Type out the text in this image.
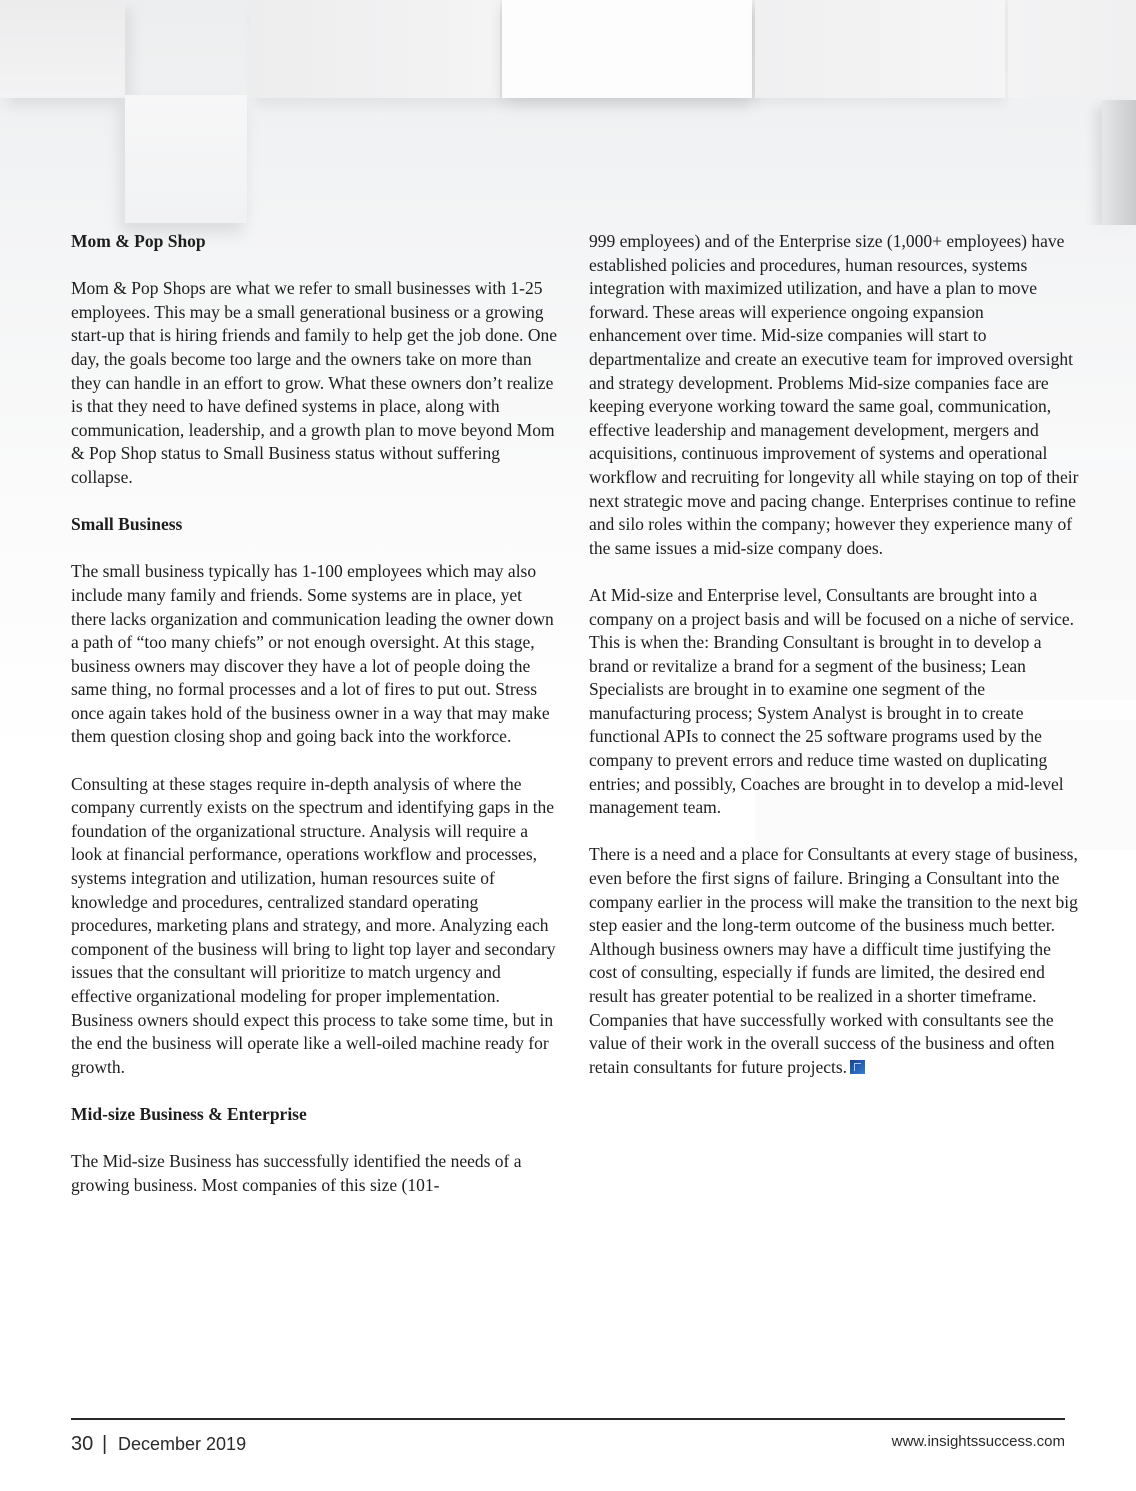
Mom & Pop Shop

Mom & Pop Shops are what we refer to small businesses with 1-25 employees. This may be a small generational business or a growing start-up that is hiring friends and family to help get the job done. One day, the goals become too large and the owners take on more than they can handle in an effort to grow. What these owners don’t realize is that they need to have defined systems in place, along with communication, leadership, and a growth plan to move beyond Mom & Pop Shop status to Small Business status without suffering collapse.

Small Business

The small business typically has 1-100 employees which may also include many family and friends. Some systems are in place, yet there lacks organization and communication leading the owner down a path of “too many chiefs” or not enough oversight. At this stage, business owners may discover they have a lot of people doing the same thing, no formal processes and a lot of fires to put out. Stress once again takes hold of the business owner in a way that may make them question closing shop and going back into the workforce.

Consulting at these stages require in-depth analysis of where the company currently exists on the spectrum and identifying gaps in the foundation of the organizational structure. Analysis will require a look at financial performance, operations workflow and processes, systems integration and utilization, human resources suite of knowledge and procedures, centralized standard operating procedures, marketing plans and strategy, and more. Analyzing each component of the business will bring to light top layer and secondary issues that the consultant will prioritize to match urgency and effective organizational modeling for proper implementation. Business owners should expect this process to take some time, but in the end the business will operate like a well-oiled machine ready for growth.

Mid-size Business & Enterprise

The Mid-size Business has successfully identified the needs of a growing business. Most companies of this size (101-

999 employees) and of the Enterprise size (1,000+ employees) have established policies and procedures, human resources, systems integration with maximized utilization, and have a plan to move forward. These areas will experience ongoing expansion enhancement over time. Mid-size companies will start to departmentalize and create an executive team for improved oversight and strategy development. Problems Mid-size companies face are keeping everyone working toward the same goal, communication, effective leadership and management development, mergers and acquisitions, continuous improvement of systems and operational workflow and recruiting for longevity all while staying on top of their next strategic move and pacing change. Enterprises continue to refine and silo roles within the company; however they experience many of the same issues a mid-size company does.

At Mid-size and Enterprise level, Consultants are brought into a company on a project basis and will be focused on a niche of service. This is when the: Branding Consultant is brought in to develop a brand or revitalize a brand for a segment of the business; Lean Specialists are brought in to examine one segment of the manufacturing process; System Analyst is brought in to create functional APIs to connect the 25 software programs used by the company to prevent errors and reduce time wasted on duplicating entries; and possibly, Coaches are brought in to develop a mid-level management team.

There is a need and a place for Consultants at every stage of business, even before the first signs of failure. Bringing a Consultant into the company earlier in the process will make the transition to the next big step easier and the long-term outcome of the business much better. Although business owners may have a difficult time justifying the cost of consulting, especially if funds are limited, the desired end result has greater potential to be realized in a shorter timeframe. Companies that have successfully worked with consultants see the value of their work in the overall success of the business and often retain consultants for future projects.

30 | December 2019	www.insightssuccess.com
